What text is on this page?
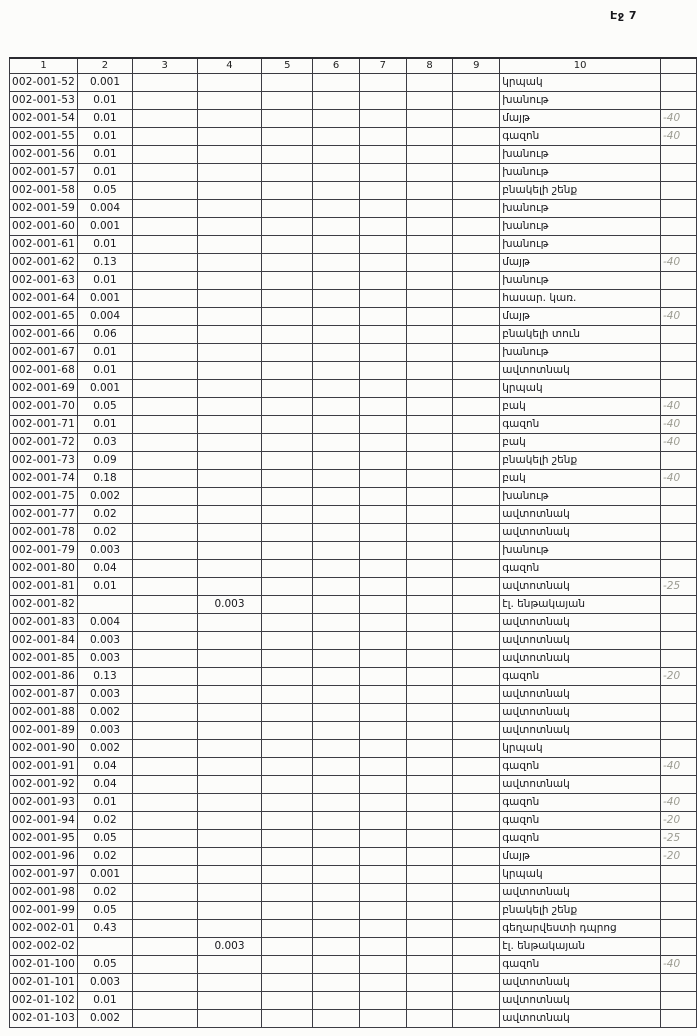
Էջ 7
1	2	3	4	5	6	7	8	9	10	
002-001-52	0.001								կրպակ	
002-001-53	0.01								խանութ	
002-001-54	0.01								մայթ	-40
002-001-55	0.01								գազոն	-40
002-001-56	0.01								խանութ	
002-001-57	0.01								խանութ	
002-001-58	0.05								բնակելի շենք	
002-001-59	0.004								խանութ	
002-001-60	0.001								խանութ	
002-001-61	0.01								խանութ	
002-001-62	0.13								մայթ	-40
002-001-63	0.01								խանութ	
002-001-64	0.001								հասար. կառ.	
002-001-65	0.004								մայթ	-40
002-001-66	0.06								բնակելի տուն	
002-001-67	0.01								խանութ	
002-001-68	0.01								ավտոտնակ	
002-001-69	0.001								կրպակ	
002-001-70	0.05								բակ	-40
002-001-71	0.01								գազոն	-40
002-001-72	0.03								բակ	-40
002-001-73	0.09								բնակելի շենք	
002-001-74	0.18								բակ	-40
002-001-75	0.002								խանութ	
002-001-77	0.02								ավտոտնակ	
002-001-78	0.02								ավտոտնակ	
002-001-79	0.003								խանութ	
002-001-80	0.04								գազոն	
002-001-81	0.01								ավտոտնակ	-25
002-001-82			0.003						էլ. ենթակայան	
002-001-83	0.004								ավտոտնակ	
002-001-84	0.003								ավտոտնակ	
002-001-85	0.003								ավտոտնակ	
002-001-86	0.13								գազոն	-20
002-001-87	0.003								ավտոտնակ	
002-001-88	0.002								ավտոտնակ	
002-001-89	0.003								ավտոտնակ	
002-001-90	0.002								կրպակ	
002-001-91	0.04								գազոն	-40
002-001-92	0.04								ավտոտնակ	
002-001-93	0.01								գազոն	-40
002-001-94	0.02								գազոն	-20
002-001-95	0.05								գազոն	-25
002-001-96	0.02								մայթ	-20
002-001-97	0.001								կրպակ	
002-001-98	0.02								ավտոտնակ	
002-001-99	0.05								բնակելի շենք	
002-002-01	0.43								գեղարվեստի դպրոց	
002-002-02			0.003						էլ. ենթակայան	
002-01-100	0.05								գազոն	-40
002-01-101	0.003								ավտոտնակ	
002-01-102	0.01								ավտոտնակ	
002-01-103	0.002								ավտոտնակ	
